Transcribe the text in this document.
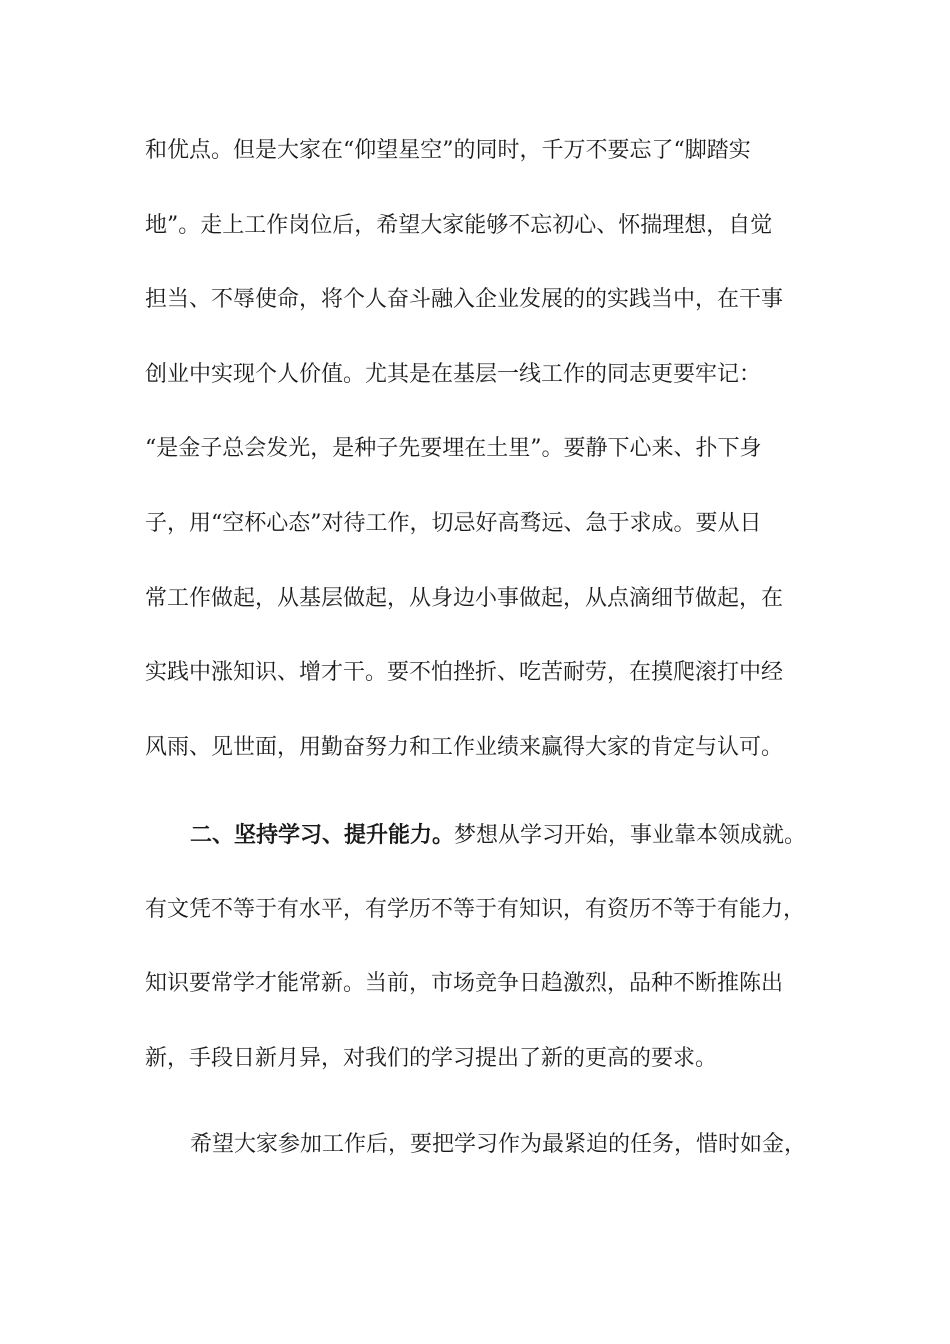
和优点。但是大家在“仰望星空”的同时，千万不要忘了“脚踏实
地”。走上工作岗位后，希望大家能够不忘初心、怀揣理想，自觉
担当、不辱使命，将个人奋斗融入企业发展的的实践当中，在干事
创业中实现个人价值。尤其是在基层一线工作的同志更要牢记：
“是金子总会发光，是种子先要埋在土里”。要静下心来、扑下身
子，用“空杯心态”对待工作，切忌好高骛远、急于求成。要从日
常工作做起，从基层做起，从身边小事做起，从点滴细节做起，在
实践中涨知识、增才干。要不怕挫折、吃苦耐劳，在摸爬滚打中经
风雨、见世面，用勤奋努力和工作业绩来赢得大家的肯定与认可。
二、坚持学习、提升能力。梦想从学习开始，事业靠本领成就。
有文凭不等于有水平，有学历不等于有知识，有资历不等于有能力，
知识要常学才能常新。当前，市场竞争日趋激烈，品种不断推陈出
新，手段日新月异，对我们的学习提出了新的更高的要求。
希望大家参加工作后，要把学习作为最紧迫的任务，惜时如金，
